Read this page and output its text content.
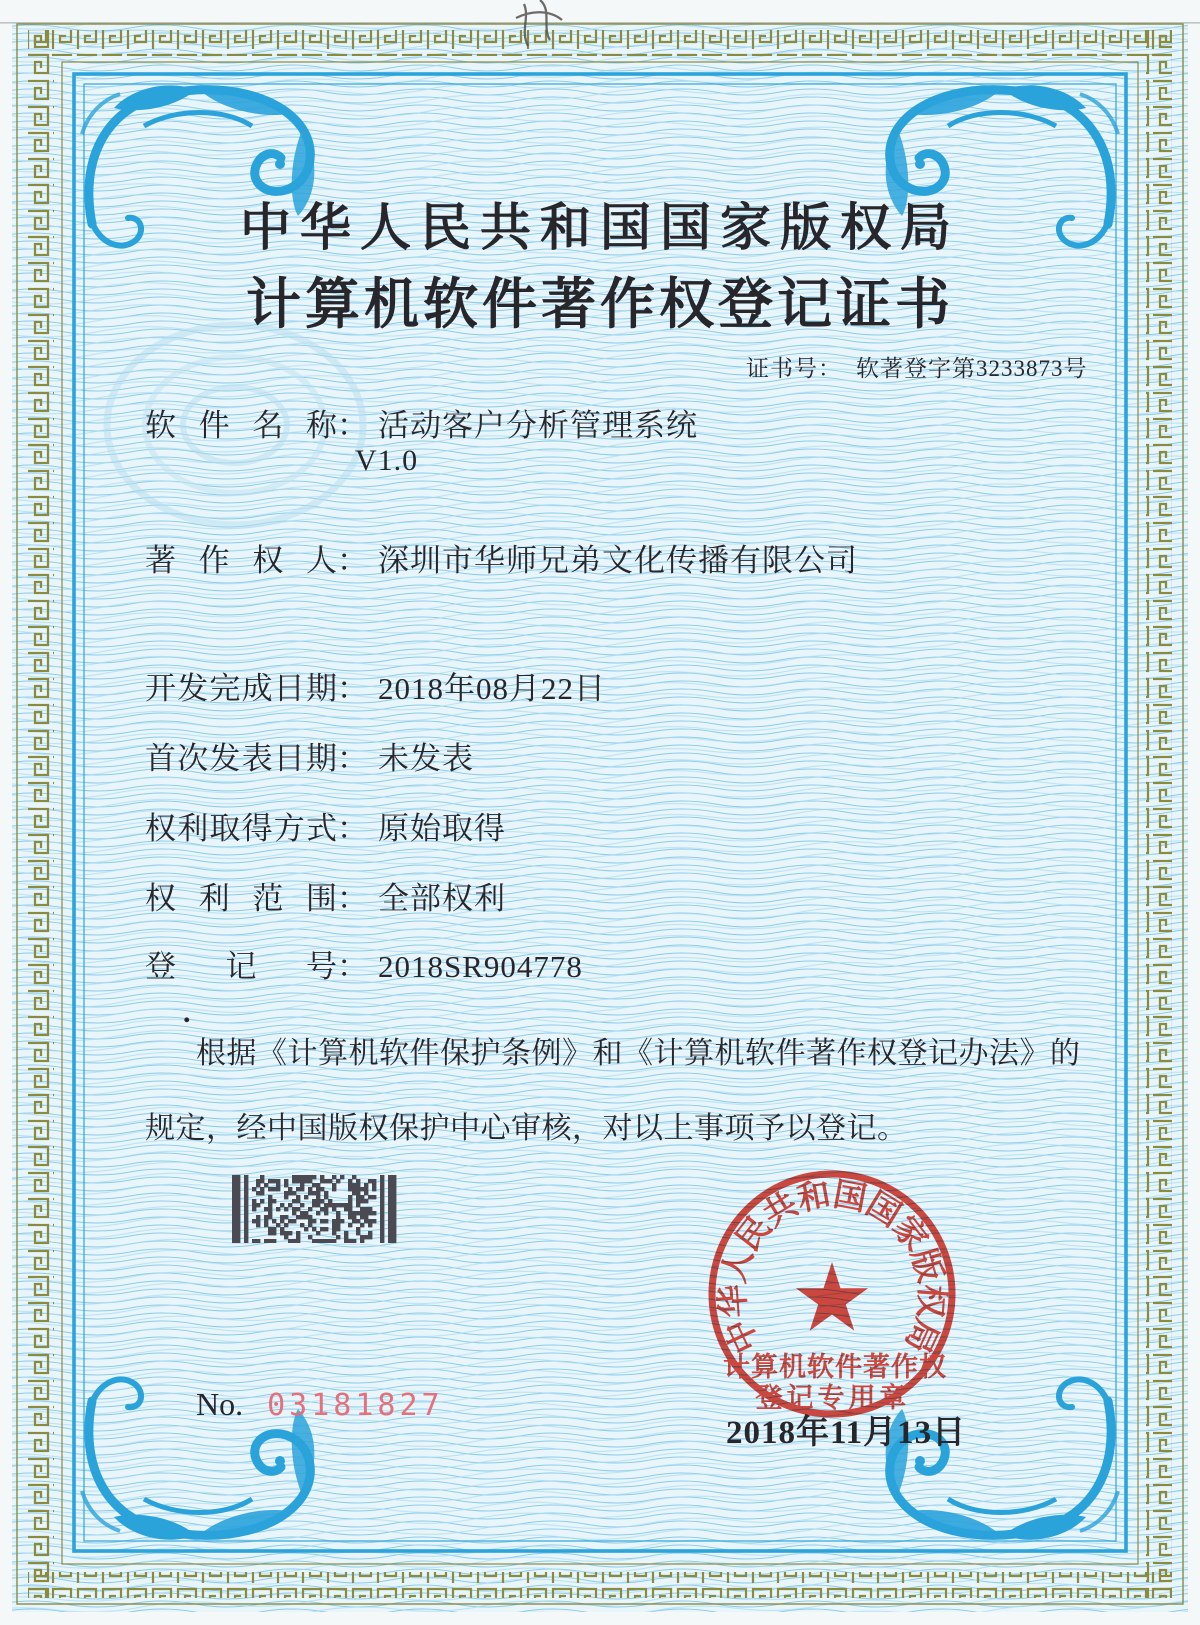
中华人民共和国国家版权局
计算机软件著作权登记证书
证书号： 软著登字第3233873号
软件名称： 活动客户分析管理系统
V1.0
著作权人： 深圳市华师兄弟文化传播有限公司
开发完成日期： 2018年08月22日
首次发表日期： 未发表
权利取得方式： 原始取得
权利范围： 全部权利
登记号： 2018SR904778
.
根据《计算机软件保护条例》和《计算机软件著作权登记办法》的
规定，经中国版权保护中心审核，对以上事项予以登记。
No. 03181827
2018年11月13日
中
华
人
民
共
和
国
国
家
版
权
局
计算机软件著作权
登记专用章
